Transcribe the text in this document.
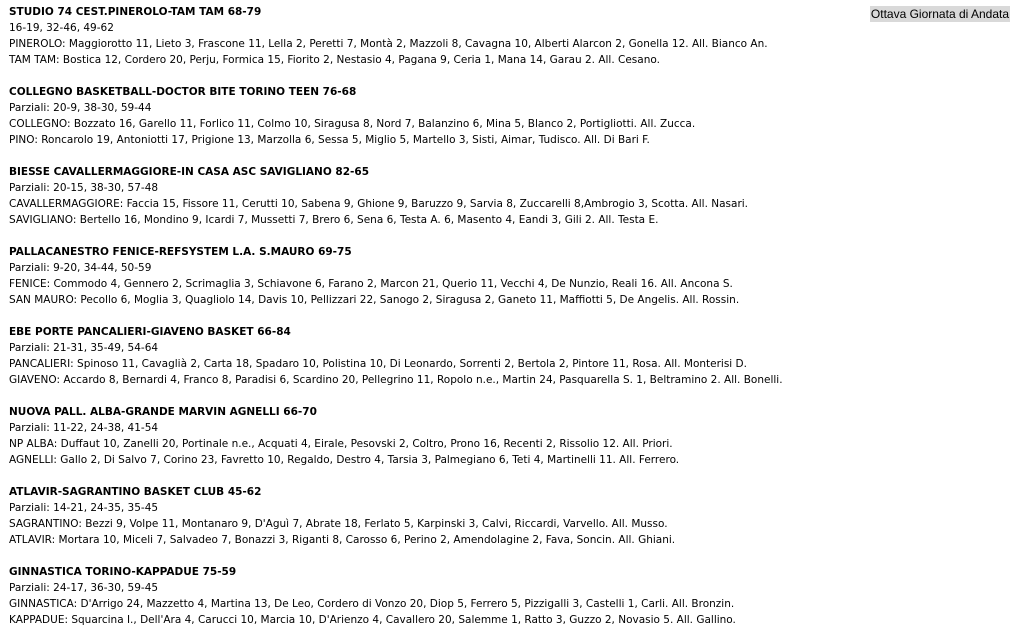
Ottava Giornata di Andata
STUDIO 74 CEST.PINEROLO-TAM TAM 68-79
16-19, 32-46, 49-62
PINEROLO: Maggiorotto 11, Lieto 3, Frascone 11, Lella 2, Peretti 7, Montà 2, Mazzoli 8, Cavagna 10, Alberti Alarcon 2, Gonella 12. All. Bianco An.
TAM TAM: Bostica 12, Cordero 20, Perju, Formica 15, Fiorito 2, Nestasio 4, Pagana 9, Ceria 1, Mana 14, Garau 2. All. Cesano.
COLLEGNO BASKETBALL-DOCTOR BITE TORINO TEEN 76-68
Parziali: 20-9, 38-30, 59-44
COLLEGNO: Bozzato 16, Garello 11, Forlico 11, Colmo 10, Siragusa 8, Nord 7, Balanzino 6, Mina 5, Blanco 2, Portigliotti. All. Zucca.
PINO: Roncarolo 19, Antoniotti 17, Prigione 13, Marzolla 6, Sessa 5, Miglio 5, Martello 3, Sisti, Aimar, Tudisco. All. Di Bari F.
BIESSE CAVALLERMAGGIORE-IN CASA ASC SAVIGLIANO 82-65
Parziali: 20-15, 38-30, 57-48
CAVALLERMAGGIORE: Faccia 15, Fissore 11, Cerutti 10, Sabena 9, Ghione 9, Baruzzo 9, Sarvia 8, Zuccarelli 8,Ambrogio 3, Scotta. All. Nasari.
SAVIGLIANO: Bertello 16, Mondino 9, Icardi 7, Mussetti 7, Brero 6, Sena 6, Testa A. 6, Masento 4, Eandi 3, Gili 2. All. Testa E.
PALLACANESTRO FENICE-REFSYSTEM L.A. S.MAURO 69-75
Parziali: 9-20, 34-44, 50-59
FENICE: Commodo 4, Gennero 2, Scrimaglia 3, Schiavone 6, Farano 2, Marcon 21, Querio 11, Vecchi 4, De Nunzio, Reali 16. All. Ancona S.
SAN MAURO: Pecollo 6, Moglia 3, Quagliolo 14, Davis 10, Pellizzari 22, Sanogo 2, Siragusa 2, Ganeto 11, Maffiotti 5, De Angelis. All. Rossin.
EBE PORTE PANCALIERI-GIAVENO BASKET 66-84
Parziali: 21-31, 35-49, 54-64
PANCALIERI: Spinoso 11, Cavaglià 2, Carta 18, Spadaro 10, Polistina 10, Di Leonardo, Sorrenti 2, Bertola 2, Pintore 11, Rosa. All. Monterisi D.
GIAVENO: Accardo 8, Bernardi 4, Franco 8, Paradisi 6, Scardino 20, Pellegrino 11, Ropolo n.e., Martin 24, Pasquarella S. 1, Beltramino 2. All. Bonelli.
NUOVA PALL. ALBA-GRANDE MARVIN AGNELLI 66-70
Parziali: 11-22, 24-38, 41-54
NP ALBA: Duffaut 10, Zanelli 20, Portinale n.e., Acquati 4, Eirale, Pesovski 2, Coltro, Prono 16, Recenti 2, Rissolio 12. All. Priori.
AGNELLI: Gallo 2, Di Salvo 7, Corino 23, Favretto 10, Regaldo, Destro 4, Tarsia 3, Palmegiano 6, Teti 4, Martinelli 11. All. Ferrero.
ATLAVIR-SAGRANTINO BASKET CLUB 45-62
Parziali: 14-21, 24-35, 35-45
SAGRANTINO: Bezzi 9, Volpe 11, Montanaro 9, D'Aguì 7, Abrate 18, Ferlato 5, Karpinski 3, Calvi, Riccardi, Varvello. All. Musso.
ATLAVIR: Mortara 10, Miceli 7, Salvadeo 7, Bonazzi 3, Riganti 8, Carosso 6, Perino 2, Amendolagine 2, Fava, Soncin. All. Ghiani.
GINNASTICA TORINO-KAPPADUE 75-59
Parziali: 24-17, 36-30, 59-45
GINNASTICA: D'Arrigo 24, Mazzetto 4, Martina 13, De Leo, Cordero di Vonzo 20, Diop 5, Ferrero 5, Pizzigalli 3, Castelli 1, Carli. All. Bronzin.
KAPPADUE: Squarcina I., Dell'Ara 4, Carucci 10, Marcia 10, D'Arienzo 4, Cavallero 20, Salemme 1, Ratto 3, Guzzo 2, Novasio 5. All. Gallino.
